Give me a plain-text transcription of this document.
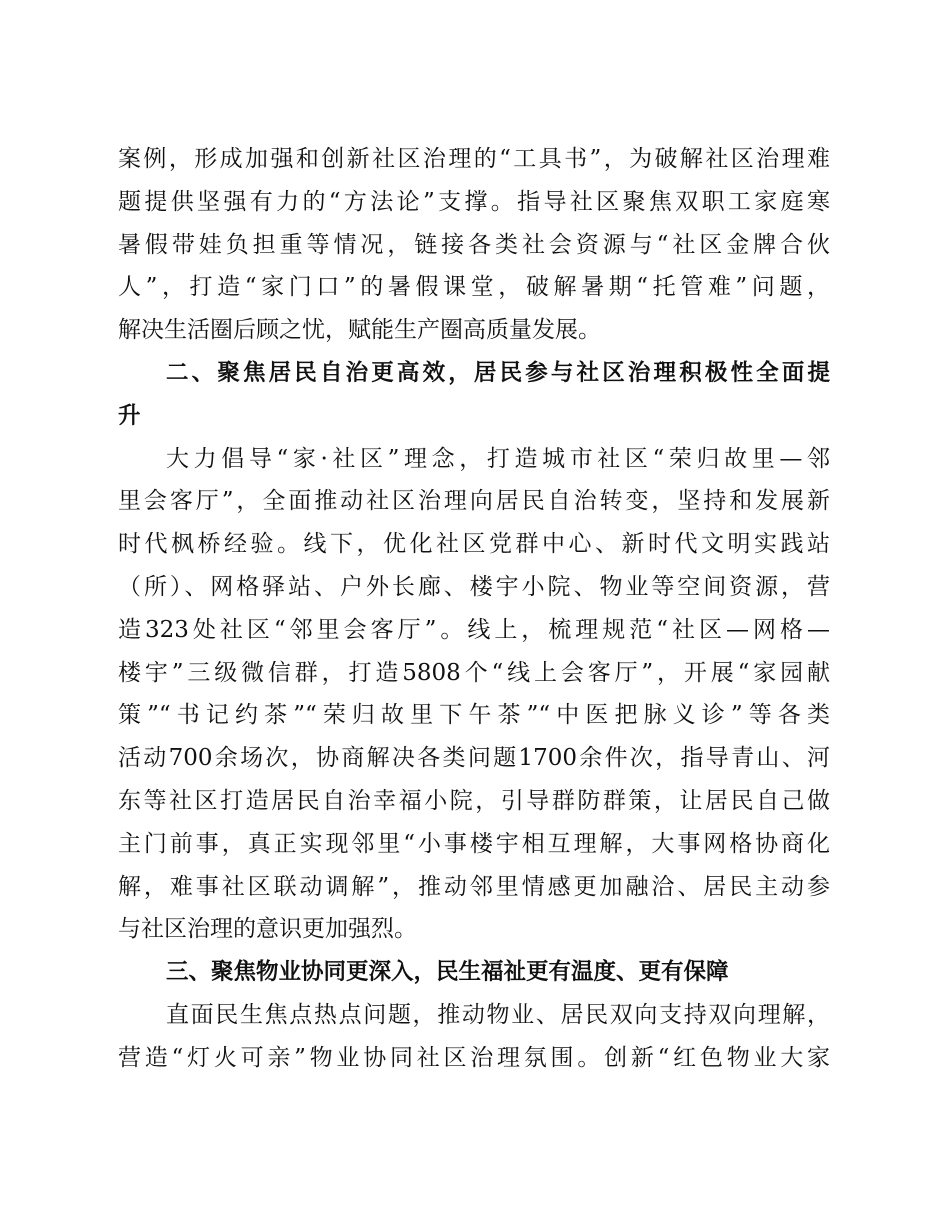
案例，形成加强和创新社区治理的“工具书”，为破解社区治理难
题提供坚强有力的“方法论”支撑。指导社区聚焦双职工家庭寒
暑假带娃负担重等情况，链接各类社会资源与“社区金牌合伙
人”，打造“家门口”的暑假课堂，破解暑期“托管难”问题，
解决生活圈后顾之忧，赋能生产圈高质量发展。
二、聚焦居民自治更高效，居民参与社区治理积极性全面提
升
大力倡导“家·社区”理念，打造城市社区“荣归故里—邻
里会客厅”，全面推动社区治理向居民自治转变，坚持和发展新
时代枫桥经验。线下，优化社区党群中心、新时代文明实践站
（所）、网格驿站、户外长廊、楼宇小院、物业等空间资源，营
造323处社区“邻里会客厅”。线上，梳理规范“社区—网格—
楼宇”三级微信群，打造5808个“线上会客厅”，开展“家园献
策”“书记约茶”“荣归故里下午茶”“中医把脉义诊”等各类
活动700余场次，协商解决各类问题1700余件次，指导青山、河
东等社区打造居民自治幸福小院，引导群防群策，让居民自己做
主门前事，真正实现邻里“小事楼宇相互理解，大事网格协商化
解，难事社区联动调解”，推动邻里情感更加融洽、居民主动参
与社区治理的意识更加强烈。
三、聚焦物业协同更深入，民生福祉更有温度、更有保障
直面民生焦点热点问题，推动物业、居民双向支持双向理解，
营造“灯火可亲”物业协同社区治理氛围。创新“红色物业大家
